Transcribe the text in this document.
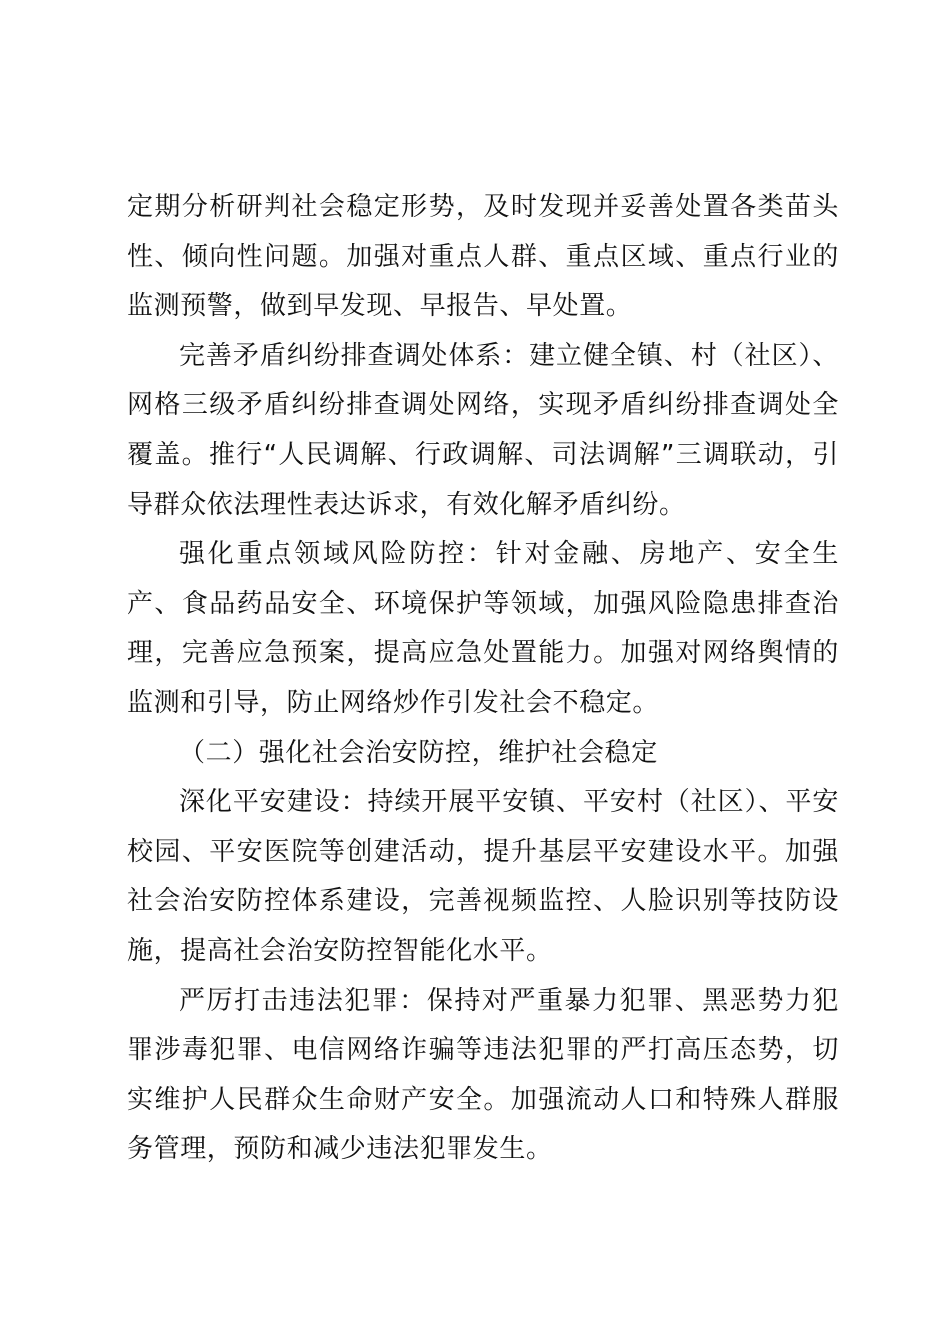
定期分析研判社会稳定形势，及时发现并妥善处置各类苗头性、倾向性问题。加强对重点人群、重点区域、重点行业的监测预警，做到早发现、早报告、早处置。

完善矛盾纠纷排查调处体系：建立健全镇、村（社区）、网格三级矛盾纠纷排查调处网络，实现矛盾纠纷排查调处全覆盖。推行“人民调解、行政调解、司法调解”三调联动，引导群众依法理性表达诉求，有效化解矛盾纠纷。

强化重点领域风险防控：针对金融、房地产、安全生产、食品药品安全、环境保护等领域，加强风险隐患排查治理，完善应急预案，提高应急处置能力。加强对网络舆情的监测和引导，防止网络炒作引发社会不稳定。

（二）强化社会治安防控，维护社会稳定

深化平安建设：持续开展平安镇、平安村（社区）、平安校园、平安医院等创建活动，提升基层平安建设水平。加强社会治安防控体系建设，完善视频监控、人脸识别等技防设施，提高社会治安防控智能化水平。

严厉打击违法犯罪：保持对严重暴力犯罪、黑恶势力犯罪涉毒犯罪、电信网络诈骗等违法犯罪的严打高压态势，切实维护人民群众生命财产安全。加强流动人口和特殊人群服务管理，预防和减少违法犯罪发生。
